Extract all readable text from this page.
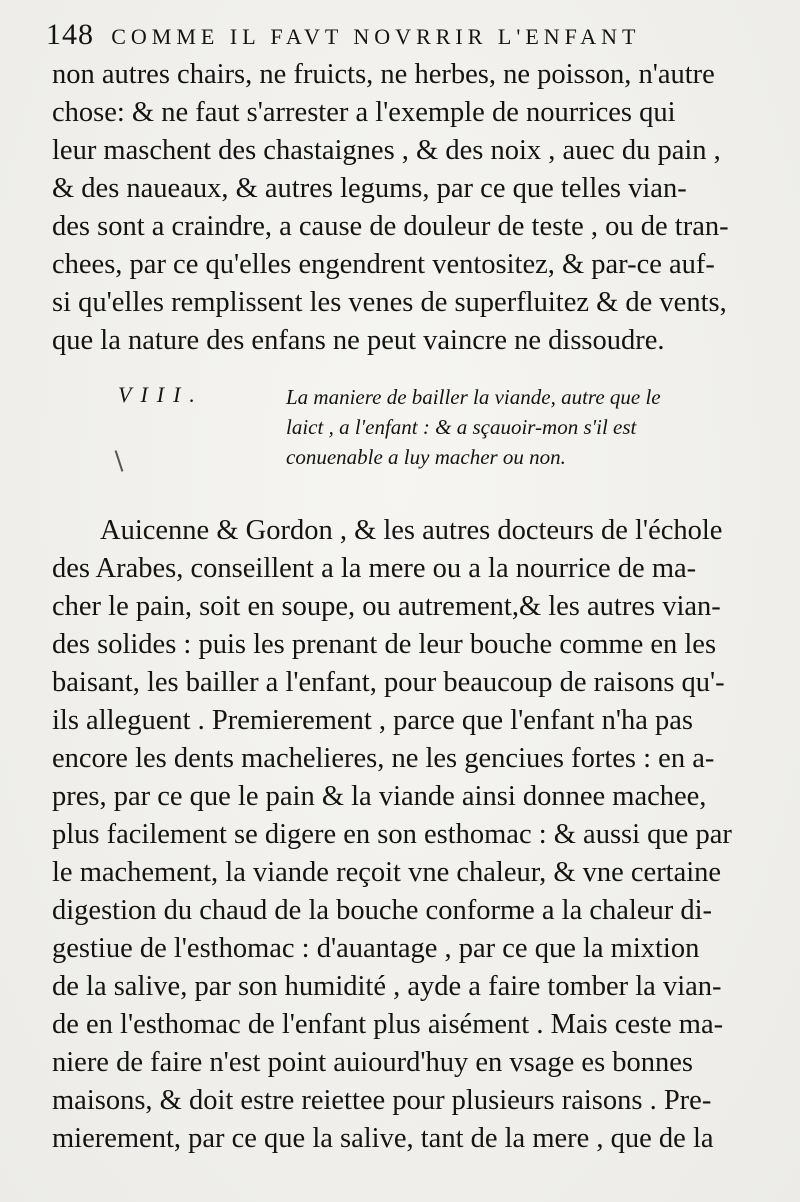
148 COMME IL FAVT NOVRRIR L'ENFANT
non autres chairs, ne fruicts, ne herbes, ne poisson, n'autre
chose: & ne faut s'arrester a l'exemple de nourrices qui
leur maschent des chastaignes , & des noix , auec du pain ,
& des naueaux, & autres legums, par ce que telles vian-
des sont a craindre, a cause de douleur de teste , ou de tran-
chees, par ce qu'elles engendrent ventositez, & par-ce auf-
si qu'elles remplissent les venes de superfluitez & de vents,
que la nature des enfans ne peut vaincre ne dissoudre.
VIII.	La maniere de bailler la viande, autre que le
laict , a l'enfant : & a sçauoir-mon s'il est
conuenable a luy macher ou non.
Auicenne & Gordon , & les autres docteurs de l'échole
des Arabes, conseillent a la mere ou a la nourrice de ma-
cher le pain, soit en soupe, ou autrement,& les autres vian-
des solides : puis les prenant de leur bouche comme en les
baisant, les bailler a l'enfant, pour beaucoup de raisons qu'-
ils alleguent . Premierement , parce que l'enfant n'ha pas
encore les dents machelieres, ne les genciues fortes : en a-
pres, par ce que le pain & la viande ainsi donnee machee,
plus facilement se digere en son esthomac : & aussi que par
le machement, la viande reçoit vne chaleur, & vne certaine
digestion du chaud de la bouche conforme a la chaleur di-
gestiue de l'esthomac : d'auantage , par ce que la mixtion
de la salive, par son humidité , ayde a faire tomber la vian-
de en l'esthomac de l'enfant plus aisément . Mais ceste ma-
niere de faire n'est point auiourd'huy en vsage es bonnes
maisons, & doit estre reiettee pour plusieurs raisons . Pre-
mierement, par ce que la salive, tant de la mere , que de la
